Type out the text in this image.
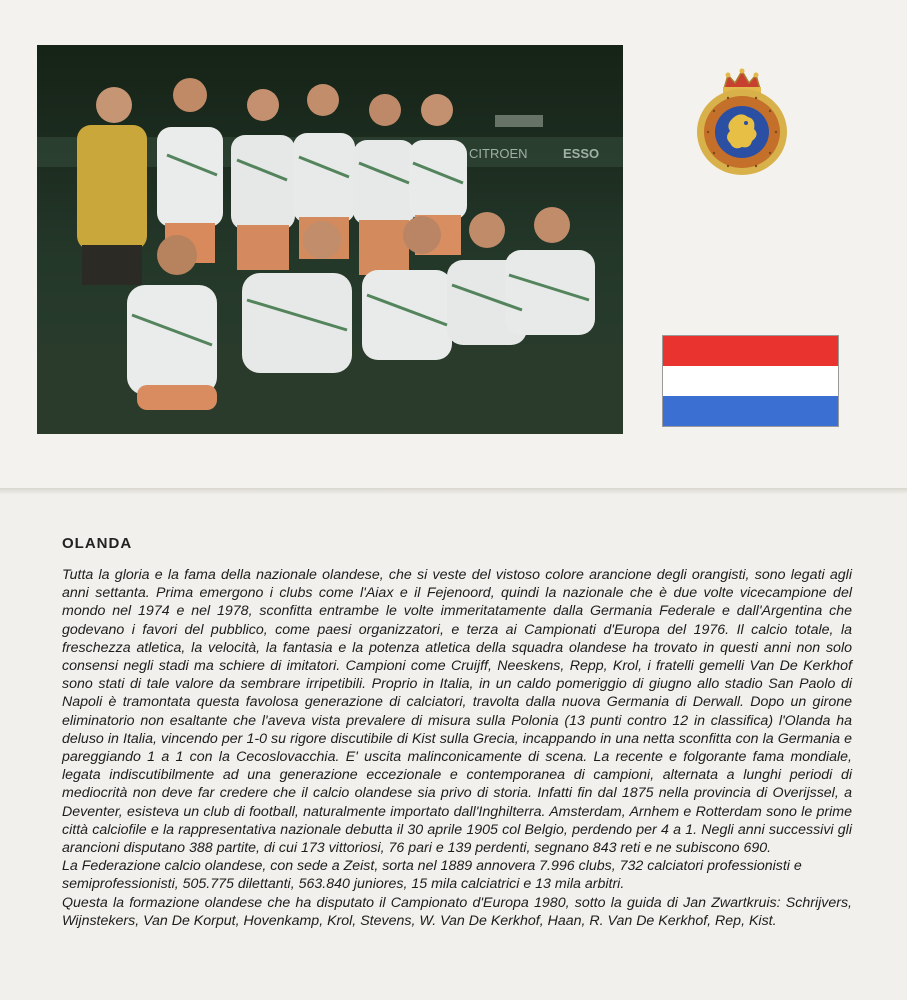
CITROEN	ESSO
OLANDA

Tutta la gloria e la fama della nazionale olandese, che si veste del vistoso colore arancione degli orangisti, sono legati agli anni settanta. Prima emergono i clubs come l'Aiax e il Fejenoord, quindi la nazionale che è due volte vicecampione del mondo nel 1974 e nel 1978, sconfitta entrambe le volte immeritatamente dalla Germania Federale e dall'Argentina che godevano i favori del pubblico, come paesi organizzatori, e terza ai Campionati d'Europa del 1976. Il calcio totale, la freschezza atletica, la velocità, la fantasia e la potenza atletica della squadra olandese ha trovato in questi anni non solo consensi negli stadi ma schiere di imitatori. Campioni come Cruijff, Neeskens, Repp, Krol, i fratelli gemelli Van De Kerkhof sono stati di tale valore da sembrare irripetibili. Proprio in Italia, in un caldo pomeriggio di giugno allo stadio San Paolo di Napoli è tramontata questa favolosa generazione di calciatori, travolta dalla nuova Germania di Derwall. Dopo un girone eliminatorio non esaltante che l'aveva vista prevalere di misura sulla Polonia (13 punti contro 12 in classifica) l'Olanda ha deluso in Italia, vincendo per 1-0 su rigore discutibile di Kist sulla Grecia, incappando in una netta sconfitta con la Germania e pareggiando 1 a 1 con la Cecoslovacchia. E' uscita malinconicamente di scena. La recente e folgorante fama mondiale, legata indiscutibilmente ad una generazione eccezionale e contemporanea di campioni, alternata a lunghi periodi di mediocrità non deve far credere che il calcio olandese sia privo di storia. Infatti fin dal 1875 nella provincia di Overijssel, a Deventer, esisteva un club di football, naturalmente importato dall'Inghilterra. Amsterdam, Arnhem e Rotterdam sono le prime città calciofile e la rappresentativa nazionale debutta il 30 aprile 1905 col Belgio, perdendo per 4 a 1. Negli anni successivi gli arancioni disputano 388 partite, di cui 173 vittoriosi, 76 pari e 139 perdenti, segnano 843 reti e ne subiscono 690.

La Federazione calcio olandese, con sede a Zeist, sorta nel 1889 annovera 7.996 clubs, 732 calciatori professionisti e semiprofessionisti, 505.775 dilettanti, 563.840 juniores, 15 mila calciatrici e 13 mila arbitri.

Questa la formazione olandese che ha disputato il Campionato d'Europa 1980, sotto la guida di Jan Zwartkruis: Schrijvers, Wijnstekers, Van De Korput, Hovenkamp, Krol, Stevens, W. Van De Kerkhof, Haan, R. Van De Kerkhof, Rep, Kist.
